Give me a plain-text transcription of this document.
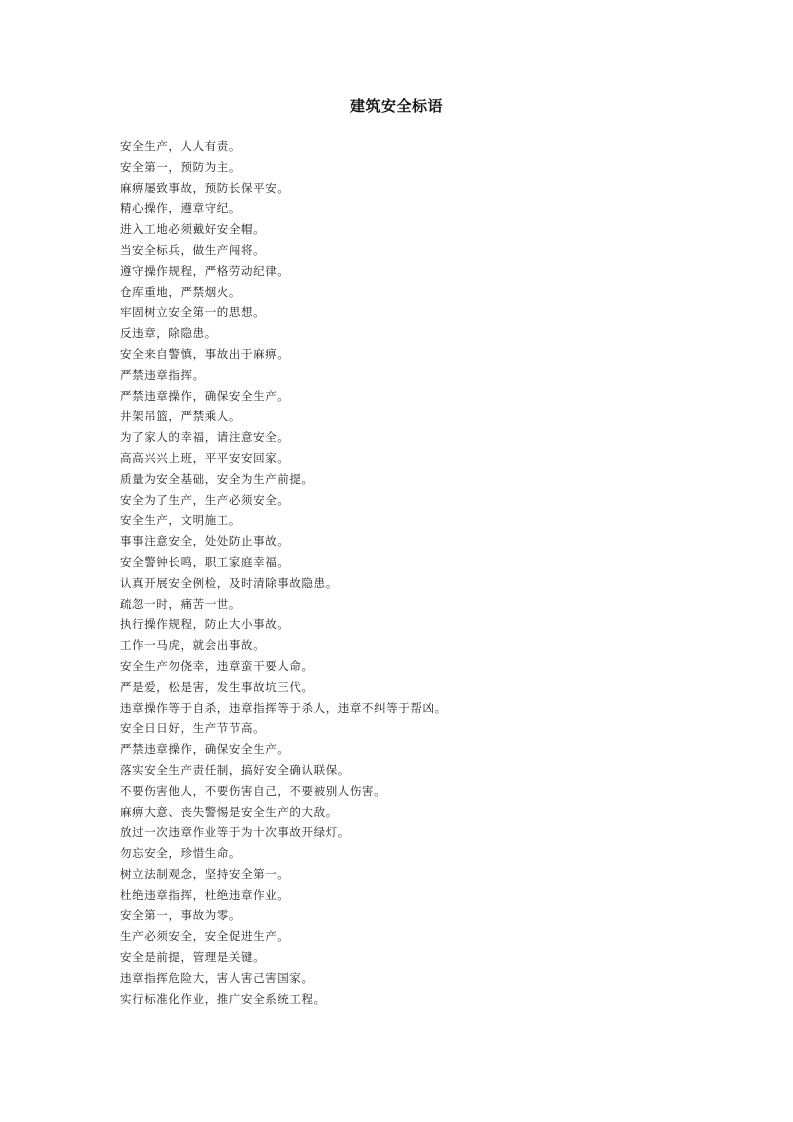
建筑安全标语
安全生产，人人有责。
安全第一，预防为主。
麻痹屡致事故，预防长保平安。
精心操作，遵章守纪。
进入工地必须戴好安全帽。
当安全标兵，做生产闯将。
遵守操作规程，严格劳动纪律。
仓库重地，严禁烟火。
牢固树立安全第一的思想。
反违章，除隐患。
安全来自警慎，事故出于麻痹。
严禁违章指挥。
严禁违章操作，确保安全生产。
井架吊篮，严禁乘人。
为了家人的幸福，请注意安全。
高高兴兴上班，平平安安回家。
质量为安全基础，安全为生产前提。
安全为了生产，生产必须安全。
安全生产，文明施工。
事事注意安全，处处防止事故。
安全警钟长鸣，职工家庭幸福。
认真开展安全例检，及时清除事故隐患。
疏忽一时，痛苦一世。
执行操作规程，防止大小事故。
工作一马虎，就会出事故。
安全生产勿侥幸，违章蛮干要人命。
严是爱，松是害，发生事故坑三代。
违章操作等于自杀，违章指挥等于杀人，违章不纠等于帮凶。
安全日日好，生产节节高。
严禁违章操作，确保安全生产。
落实安全生产责任制，搞好安全确认联保。
不要伤害他人，不要伤害自己，不要被别人伤害。
麻痹大意、丧失警惕是安全生产的大敌。
放过一次违章作业等于为十次事故开绿灯。
勿忘安全，珍惜生命。
树立法制观念，坚持安全第一。
杜绝违章指挥，杜绝违章作业。
安全第一，事故为零。
生产必须安全，安全促进生产。
安全是前提，管理是关键。
违章指挥危险大，害人害己害国家。
实行标准化作业，推广安全系统工程。
